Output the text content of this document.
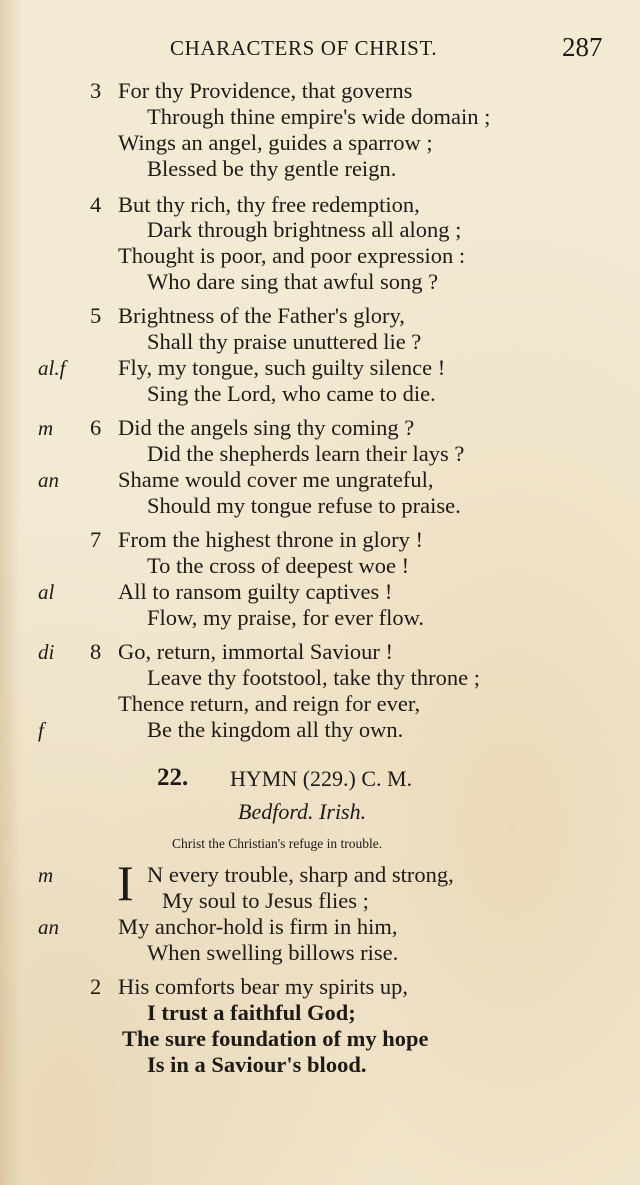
CHARACTERS OF CHRIST.	287
3 For thy Providence, that governs
Through thine empire's wide domain ;
Wings an angel, guides a sparrow ;
Blessed be thy gentle reign.
4 But thy rich, thy free redemption,
Dark through brightness all along ;
Thought is poor, and poor expression :
Who dare sing that awful song ?
5 Brightness of the Father's glory,
Shall thy praise unuttered lie ?
al.f Fly, my tongue, such guilty silence !
Sing the Lord, who came to die.
m 6 Did the angels sing thy coming ?
Did the shepherds learn their lays ?
an	Shame would cover me ungrateful,
Should my tongue refuse to praise.
7 From the highest throne in glory !
To the cross of deepest woe !
al	All to ransom guilty captives !
Flow, my praise, for ever flow.
di 8 Go, return, immortal Saviour !
Leave thy footstool, take thy throne ;
Thence return, and reign for ever,
f	Be the kingdom all thy own.
22. HYMN (229.) C. M.
Bedford. Irish.
Christ the Christian's refuge in trouble.
m I N every trouble, sharp and strong,
My soul to Jesus flies ;
an	My anchor-hold is firm in him,
When swelling billows rise.
2 His comforts bear my spirits up,
I trust a faithful God;
The sure foundation of my hope
Is in a Saviour's blood.
